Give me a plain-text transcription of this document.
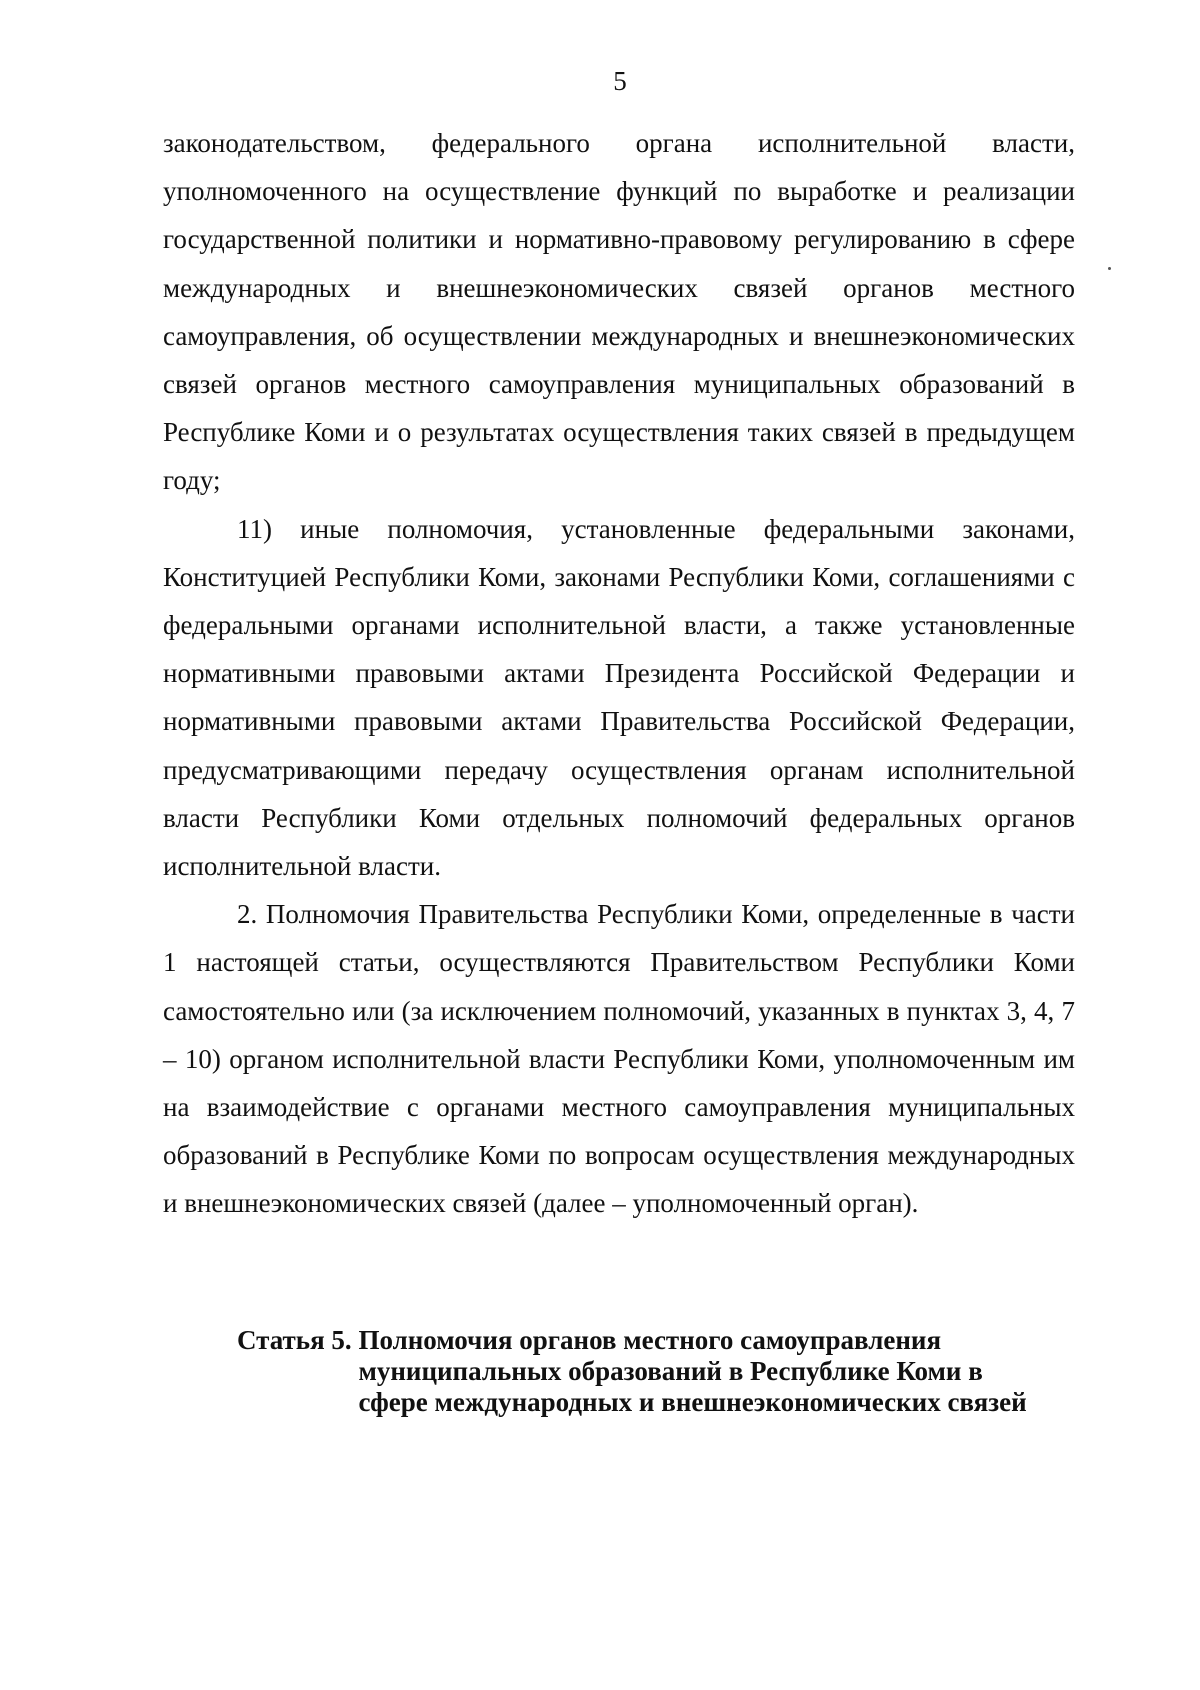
5

законодательством, федерального органа исполнительной власти, уполномоченного на осуществление функций по выработке и реализации государственной политики и нормативно-правовому регулированию в сфере международных и внешнеэкономических связей органов местного самоуправления, об осуществлении международных и внешнеэкономических связей органов местного самоуправления муниципальных образований в Республике Коми и о результатах осуществления таких связей в предыдущем году;

11) иные полномочия, установленные федеральными законами, Конституцией Республики Коми, законами Республики Коми, соглашениями с федеральными органами исполнительной власти, а также установленные нормативными правовыми актами Президента Российской Федерации и нормативными правовыми актами Правительства Российской Федерации, предусматривающими передачу осуществления органам исполнительной власти Республики Коми отдельных полномочий федеральных органов исполнительной власти.

2. Полномочия Правительства Республики Коми, определенные в части 1 настоящей статьи, осуществляются Правительством Республики Коми самостоятельно или (за исключением полномочий, указанных в пунктах 3, 4, 7 – 10) органом исполнительной власти Республики Коми, уполномоченным им на взаимодействие с органами местного самоуправления муниципальных образований в Республике Коми по вопросам осуществления международных и внешнеэкономических связей (далее – уполномоченный орган).

Статья 5. Полномочия органов местного самоуправления муниципальных образований в Республике Коми в сфере международных и внешнеэкономических связей
